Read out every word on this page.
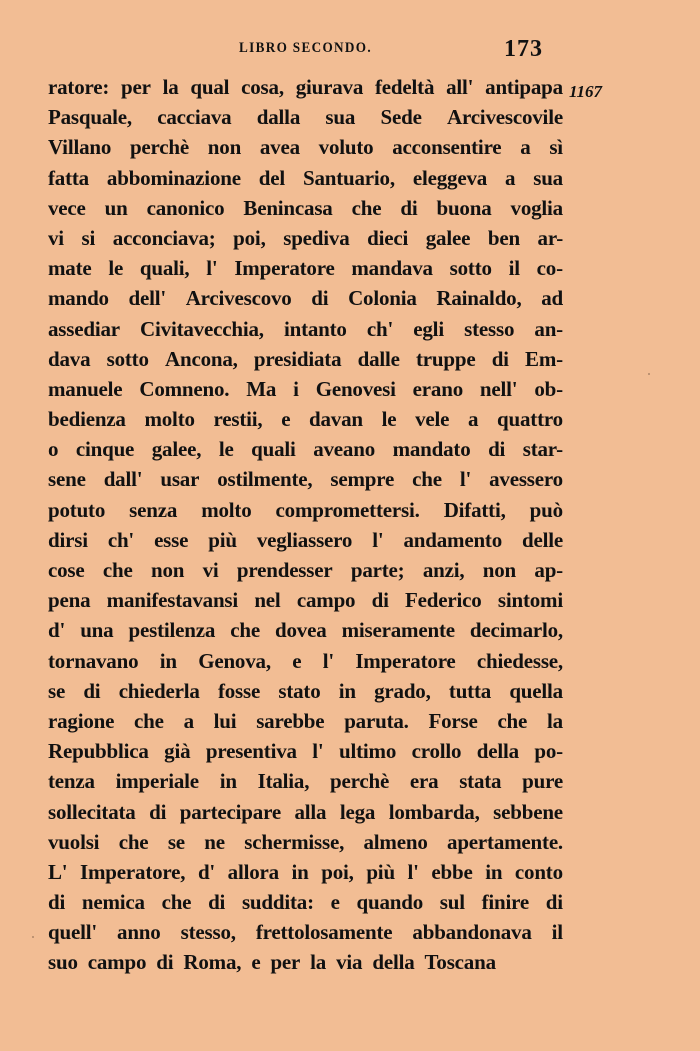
LIBRO SECONDO.	173
1167
ratore: per la qual cosa, giurava fedeltà all' antipapa
Pasquale, cacciava dalla sua Sede Arcivescovile
Villano perchè non avea voluto acconsentire a sì
fatta abbominazione del Santuario, eleggeva a sua
vece un canonico Benincasa che di buona voglia
vi si acconciava; poi, spediva dieci galee ben ar-
mate le quali, l' Imperatore mandava sotto il co-
mando dell' Arcivescovo di Colonia Rainaldo, ad
assediar Civitavecchia, intanto ch' egli stesso an-
dava sotto Ancona, presidiata dalle truppe di Em-
manuele Comneno. Ma i Genovesi erano nell' ob-
bedienza molto restii, e davan le vele a quattro
o cinque galee, le quali aveano mandato di star-
sene dall' usar ostilmente, sempre che l' avessero
potuto senza molto compromettersi. Difatti, può
dirsi ch' esse più vegliassero l' andamento delle
cose che non vi prendesser parte; anzi, non ap-
pena manifestavansi nel campo di Federico sintomi
d' una pestilenza che dovea miseramente decimarlo,
tornavano in Genova, e l' Imperatore chiedesse,
se di chiederla fosse stato in grado, tutta quella
ragione che a lui sarebbe paruta. Forse che la
Repubblica già presentiva l' ultimo crollo della po-
tenza imperiale in Italia, perchè era stata pure
sollecitata di partecipare alla lega lombarda, sebbene
vuolsi che se ne schermisse, almeno apertamente.
L' Imperatore, d' allora in poi, più l' ebbe in conto
di nemica che di suddita: e quando sul finire di
quell' anno stesso, frettolosamente abbandonava il
suo campo di Roma, e per la via della Toscana
